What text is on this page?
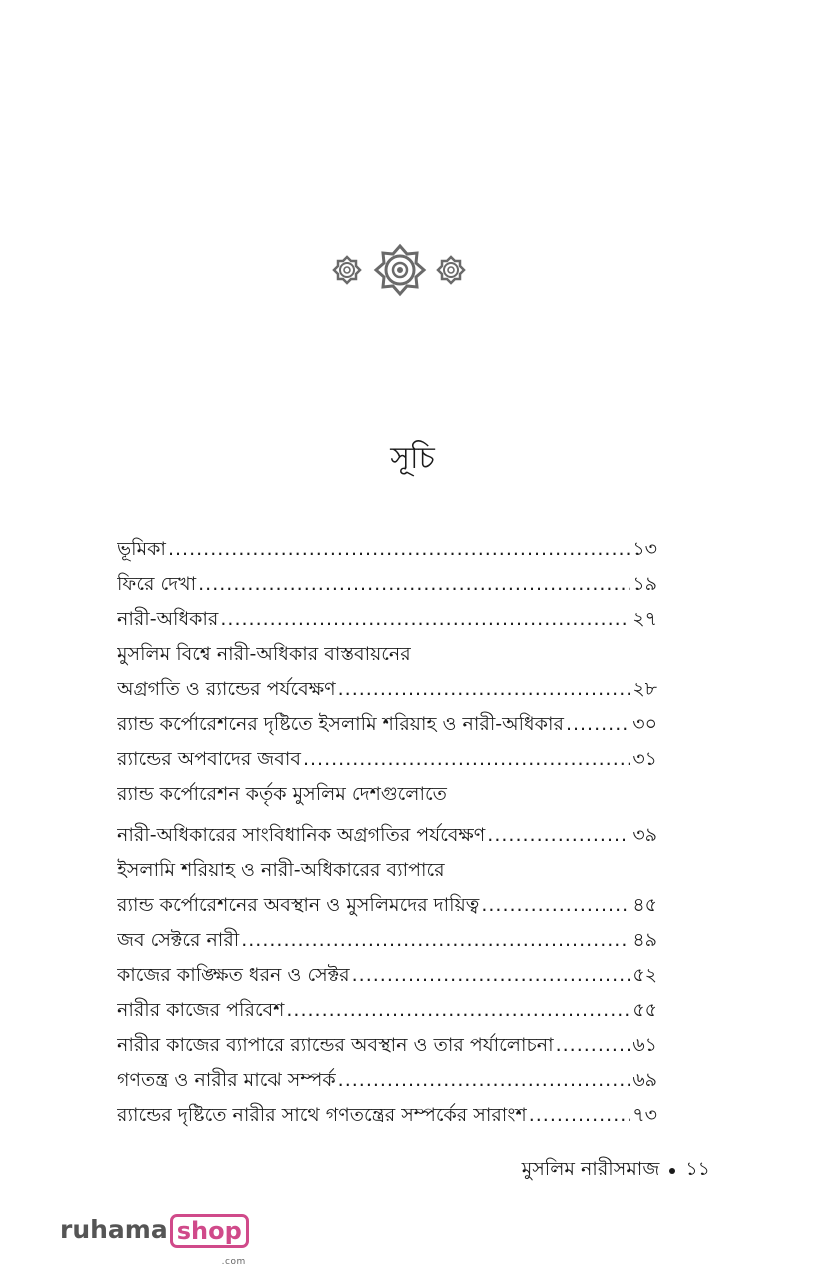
সূচি
ভূমিকা .....	১৩
ফিরে দেখা .....	১৯
নারী-অধিকার .....	২৭
মুসলিম বিশ্বে নারী-অধিকার বাস্তবায়নের
অগ্রগতি ও র‍্যান্ডের পর্যবেক্ষণ .....	২৮
র‍্যান্ড কর্পোরেশনের দৃষ্টিতে ইসলামি শরিয়াহ ও নারী-অধিকার .....	৩০
র‍্যান্ডের অপবাদের জবাব .....	৩১
র‍্যান্ড কর্পোরেশন কর্তৃক মুসলিম দেশগুলোতে
নারী-অধিকারের সাংবিধানিক অগ্রগতির পর্যবেক্ষণ .....	৩৯
ইসলামি শরিয়াহ ও নারী-অধিকারের ব্যাপারে
র‍্যান্ড কর্পোরেশনের অবস্থান ও মুসলিমদের দায়িত্ব .....	৪৫
জব সেক্টরে নারী .....	৪৯
কাজের কাঙ্ক্ষিত ধরন ও সেক্টর .....	৫২
নারীর কাজের পরিবেশ .....	৫৫
নারীর কাজের ব্যাপারে র‍্যান্ডের অবস্থান ও তার পর্যালোচনা .....	৬১
গণতন্ত্র ও নারীর মাঝে সম্পর্ক .....	৬৯
র‍্যান্ডের দৃষ্টিতে নারীর সাথে গণতন্ত্রের সম্পর্কের সারাংশ .....	৭৩
মুসলিম নারীসমাজ ১১
ruhama shop
.com
